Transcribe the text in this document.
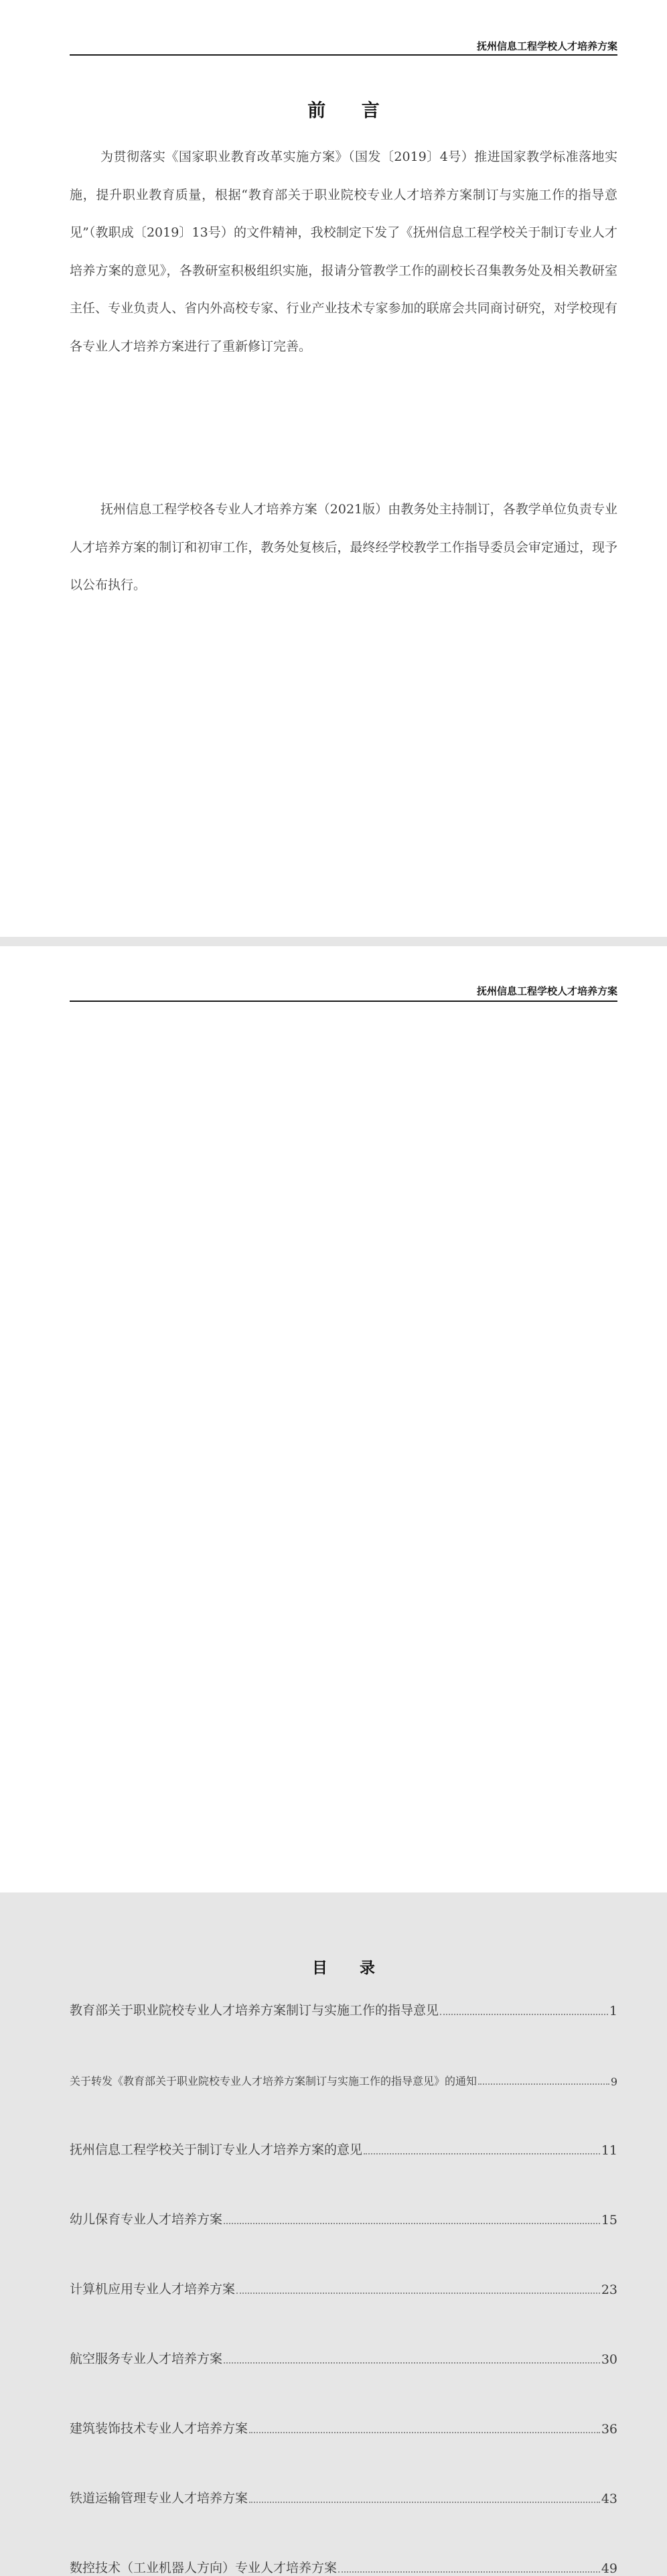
抚州信息工程学校人才培养方案
前 言

为贯彻落实《国家职业教育改革实施方案》（国发〔2019〕4号）推进国家教学标准落地实施，提升职业教育质量，根据“教育部关于职业院校专业人才培养方案制订与实施工作的指导意见”（教职成〔2019〕13号）的文件精神，我校制定下发了《抚州信息工程学校关于制订专业人才培养方案的意见》，各教研室积极组织实施，报请分管教学工作的副校长召集教务处及相关教研室主任、专业负责人、省内外高校专家、行业产业技术专家参加的联席会共同商讨研究，对学校现有各专业人才培养方案进行了重新修订完善。

抚州信息工程学校各专业人才培养方案（2021版）由教务处主持制订，各教学单位负责专业人才培养方案的制订和初审工作，教务处复核后，最终经学校教学工作指导委员会审定通过，现予以公布执行。

抚州信息工程学校人才培养方案
目 录
教育部关于职业院校专业人才培养方案制订与实施工作的指导意见	1
关于转发《教育部关于职业院校专业人才培养方案制订与实施工作的指导意见》的通知	9
抚州信息工程学校关于制订专业人才培养方案的意见	11
幼儿保育专业人才培养方案	15
计算机应用专业人才培养方案	23
航空服务专业人才培养方案	30
建筑装饰技术专业人才培养方案	36
铁道运输管理专业人才培养方案	43
数控技术（工业机器人方向）专业人才培养方案	49
